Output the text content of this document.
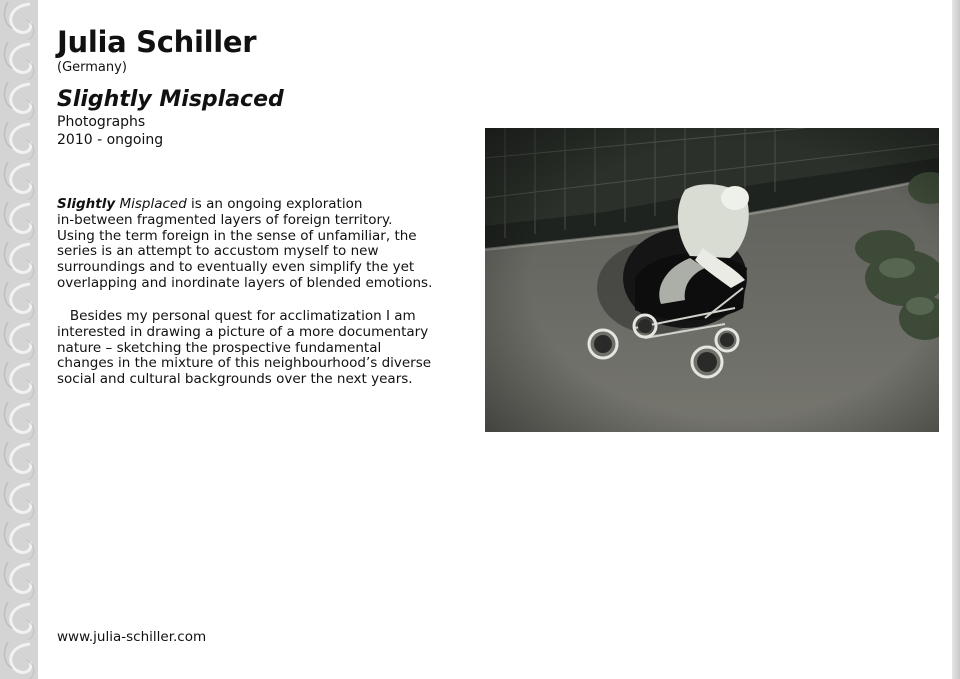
Julia Schiller
(Germany)
Slightly Misplaced
Photographs
2010 - ongoing

Slightly Misplaced is an ongoing exploration
in-between fragmented layers of foreign territory.
Using the term foreign in the sense of unfamiliar, the
series is an attempt to accustom myself to new
surroundings and to eventually even simplify the yet
overlapping and inordinate layers of blended emotions.

Besides my personal quest for acclimatization I am
interested in drawing a picture of a more documentary
nature – sketching the prospective fundamental
changes in the mixture of this neighbourhood’s diverse
social and cultural backgrounds over the next years.

www.julia-schiller.com
